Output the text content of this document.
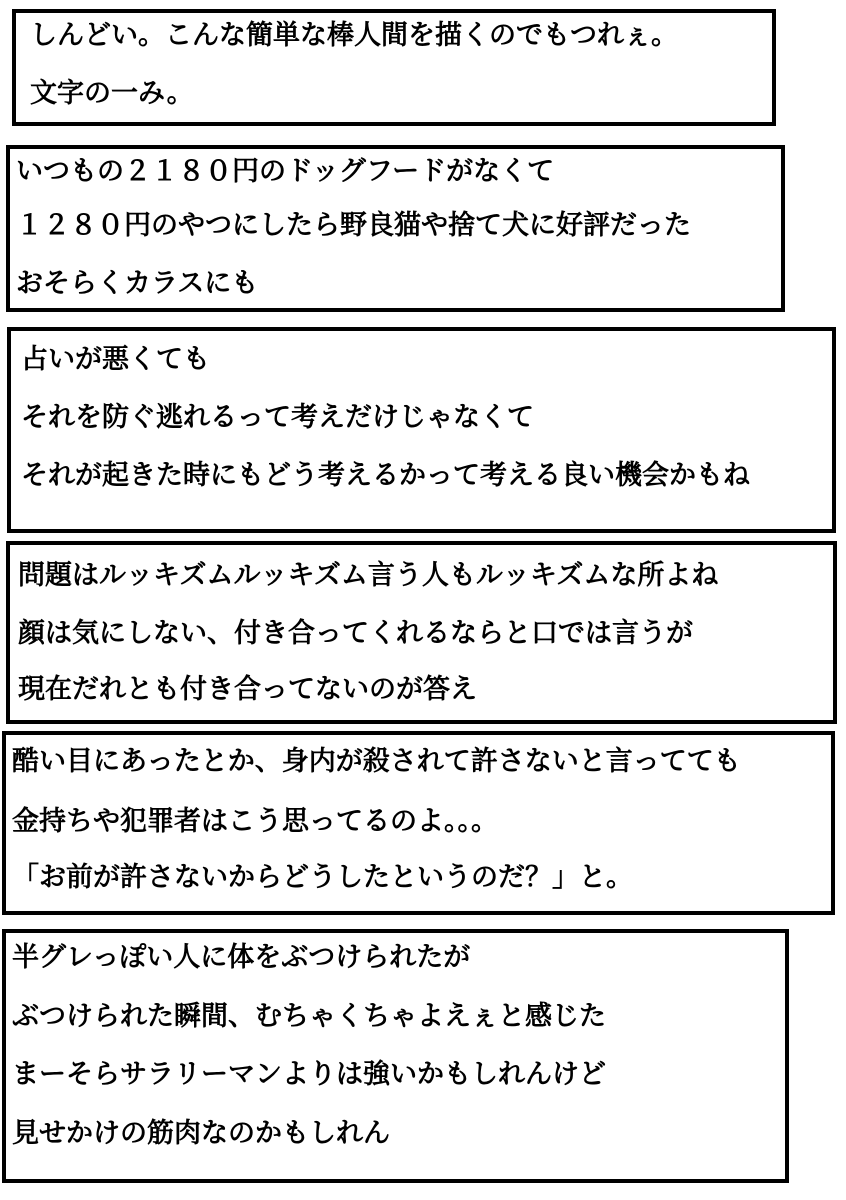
しんどい。こんな簡単な棒人間を描くのでもつれぇ。

文字の一み。

いつもの２１８０円のドッグフードがなくて

１２８０円のやつにしたら野良猫や捨て犬に好評だった

おそらくカラスにも

占いが悪くても

それを防ぐ逃れるって考えだけじゃなくて

それが起きた時にもどう考えるかって考える良い機会かもね

問題はルッキズムルッキズム言う人もルッキズムな所よね

顔は気にしない、付き合ってくれるならと口では言うが

現在だれとも付き合ってないのが答え

酷い目にあったとか、身内が殺されて許さないと言ってても

金持ちや犯罪者はこう思ってるのよ。。。

「お前が許さないからどうしたというのだ？」と。

半グレっぽい人に体をぶつけられたが

ぶつけられた瞬間、むちゃくちゃよえぇと感じた

まーそらサラリーマンよりは強いかもしれんけど

見せかけの筋肉なのかもしれん
